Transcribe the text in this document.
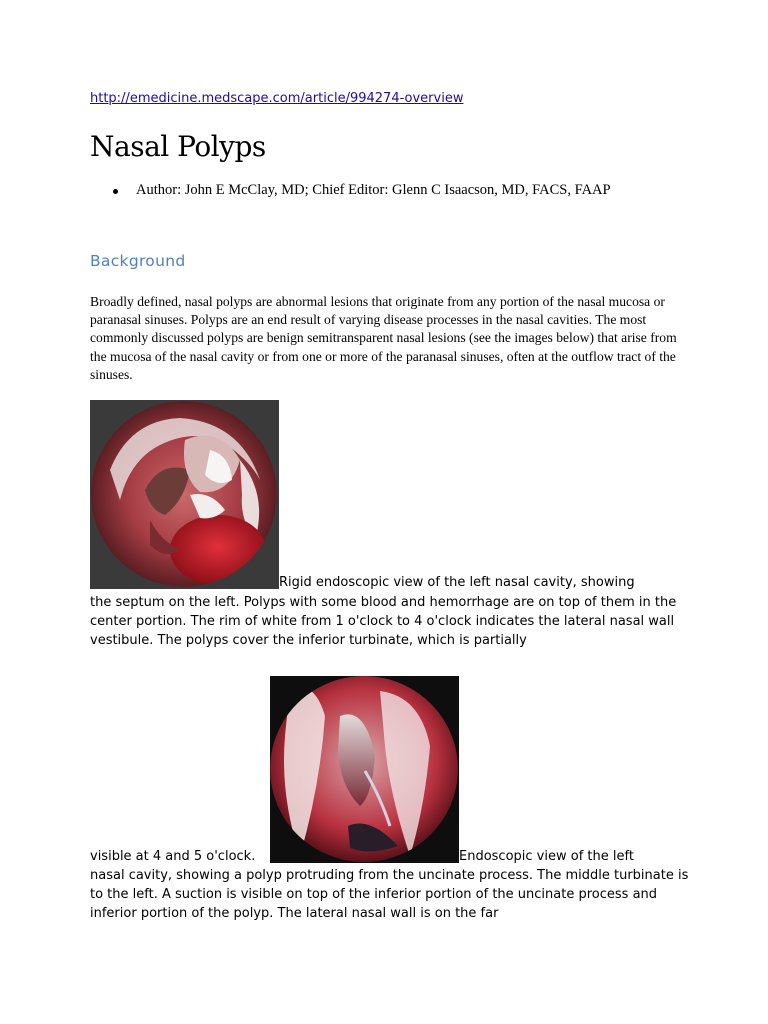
http://emedicine.medscape.com/article/994274-overview
Nasal Polyps
Author: John E McClay, MD; Chief Editor: Glenn C Isaacson, MD, FACS, FAAP
Background

Broadly defined, nasal polyps are abnormal lesions that originate from any portion of the nasal mucosa or paranasal sinuses. Polyps are an end result of varying disease processes in the nasal cavities. The most commonly discussed polyps are benign semitransparent nasal lesions (see the images below) that arise from the mucosa of the nasal cavity or from one or more of the paranasal sinuses, often at the outflow tract of the sinuses.

Rigid endoscopic view of the left nasal cavity, showing

the septum on the left. Polyps with some blood and hemorrhage are on top of them in the center portion. The rim of white from 1 o'clock to 4 o'clock indicates the lateral nasal wall vestibule. The polyps cover the inferior turbinate, which is partially

visible at 4 and 5 o'clock.	Endoscopic view of the left

nasal cavity, showing a polyp protruding from the uncinate process. The middle turbinate is to the left. A suction is visible on top of the inferior portion of the uncinate process and inferior portion of the polyp. The lateral nasal wall is on the far
